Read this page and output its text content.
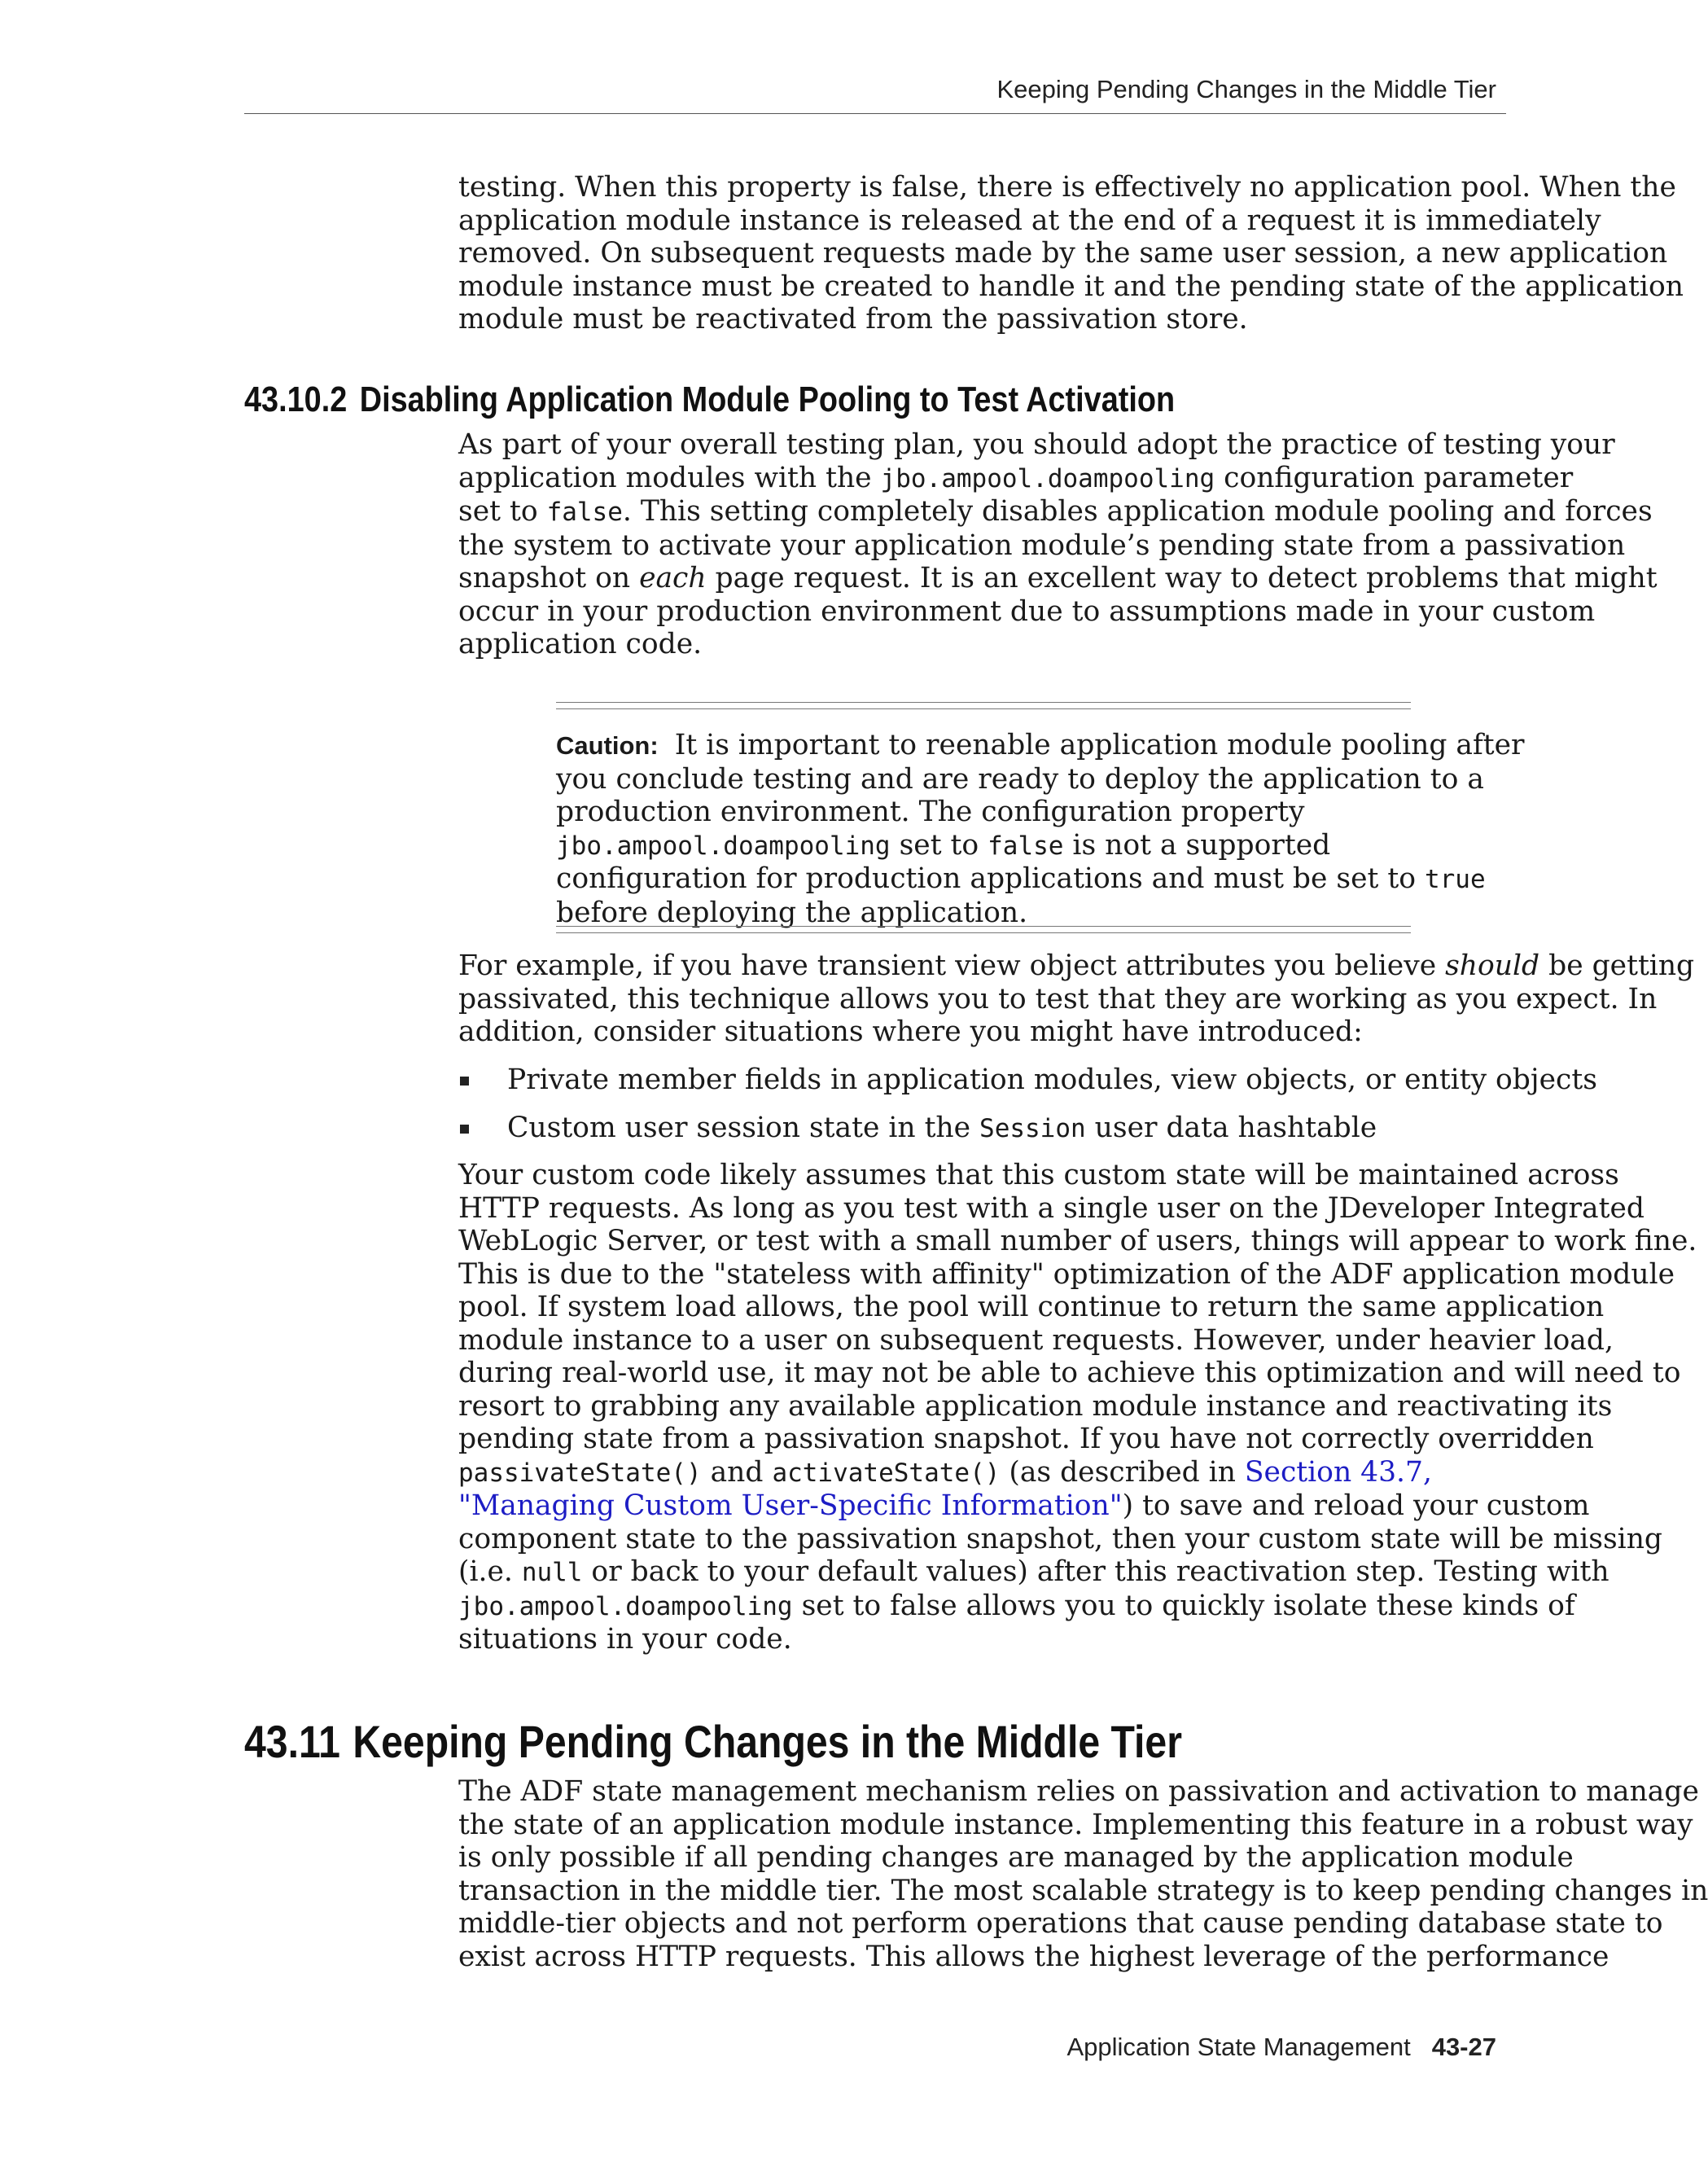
Keeping Pending Changes in the Middle Tier
testing. When this property is false, there is effectively no application pool. When the
application module instance is released at the end of a request it is immediately
removed. On subsequent requests made by the same user session, a new application
module instance must be created to handle it and the pending state of the application
module must be reactivated from the passivation store.
43.10.2 Disabling Application Module Pooling to Test Activation
As part of your overall testing plan, you should adopt the practice of testing your
application modules with the jbo.ampool.doampooling configuration parameter
set to false. This setting completely disables application module pooling and forces
the system to activate your application module’s pending state from a passivation
snapshot on each page request. It is an excellent way to detect problems that might
occur in your production environment due to assumptions made in your custom
application code.
Caution: It is important to reenable application module pooling after
you conclude testing and are ready to deploy the application to a
production environment. The configuration property
jbo.ampool.doampooling set to false is not a supported
configuration for production applications and must be set to true
before deploying the application.
For example, if you have transient view object attributes you believe should be getting
passivated, this technique allows you to test that they are working as you expect. In
addition, consider situations where you might have introduced:
Private member fields in application modules, view objects, or entity objects
Custom user session state in the Session user data hashtable
Your custom code likely assumes that this custom state will be maintained across
HTTP requests. As long as you test with a single user on the JDeveloper Integrated
WebLogic Server, or test with a small number of users, things will appear to work fine.
This is due to the "stateless with affinity" optimization of the ADF application module
pool. If system load allows, the pool will continue to return the same application
module instance to a user on subsequent requests. However, under heavier load,
during real-world use, it may not be able to achieve this optimization and will need to
resort to grabbing any available application module instance and reactivating its
pending state from a passivation snapshot. If you have not correctly overridden
passivateState() and activateState() (as described in Section 43.7,
"Managing Custom User-Specific Information") to save and reload your custom
component state to the passivation snapshot, then your custom state will be missing
(i.e. null or back to your default values) after this reactivation step. Testing with
jbo.ampool.doampooling set to false allows you to quickly isolate these kinds of
situations in your code.
43.11 Keeping Pending Changes in the Middle Tier
The ADF state management mechanism relies on passivation and activation to manage
the state of an application module instance. Implementing this feature in a robust way
is only possible if all pending changes are managed by the application module
transaction in the middle tier. The most scalable strategy is to keep pending changes in
middle-tier objects and not perform operations that cause pending database state to
exist across HTTP requests. This allows the highest leverage of the performance
Application State Management 43-27
